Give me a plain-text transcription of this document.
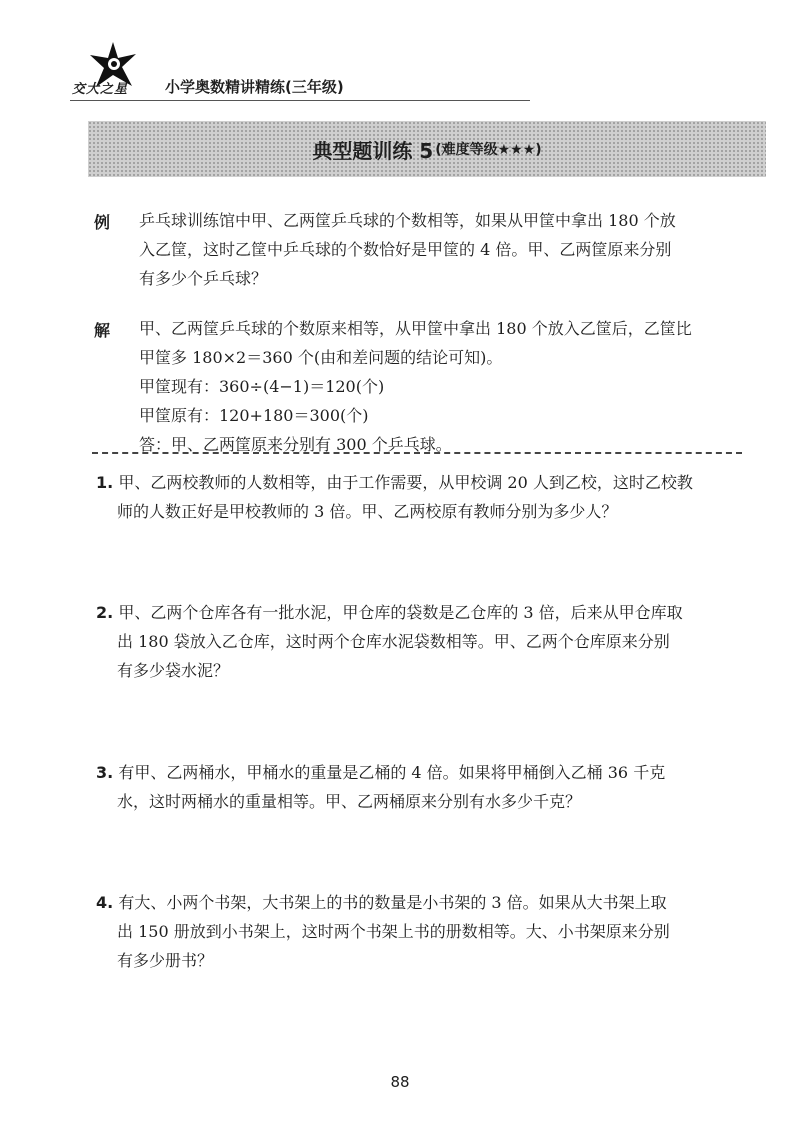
交大之星 小学奥数精讲精练(三年级)
典型题训练 5 (难度等级★★★)
例 乒乓球训练馆中甲、乙两筐乒乓球的个数相等，如果从甲筐中拿出 180 个放
入乙筐，这时乙筐中乒乓球的个数恰好是甲筐的 4 倍。甲、乙两筐原来分别
有多少个乒乓球？
解 甲、乙两筐乒乓球的个数原来相等，从甲筐中拿出 180 个放入乙筐后，乙筐比
甲筐多 180×2＝360 个(由和差问题的结论可知)。
甲筐现有：360÷(4−1)＝120(个)
甲筐原有：120+180＝300(个)
答：甲、乙两筐原来分别有 300 个乒乓球。
1. 甲、乙两校教师的人数相等，由于工作需要，从甲校调 20 人到乙校，这时乙校教
师的人数正好是甲校教师的 3 倍。甲、乙两校原有教师分别为多少人？
2. 甲、乙两个仓库各有一批水泥，甲仓库的袋数是乙仓库的 3 倍，后来从甲仓库取
出 180 袋放入乙仓库，这时两个仓库水泥袋数相等。甲、乙两个仓库原来分别
有多少袋水泥？
3. 有甲、乙两桶水，甲桶水的重量是乙桶的 4 倍。如果将甲桶倒入乙桶 36 千克
水，这时两桶水的重量相等。甲、乙两桶原来分别有水多少千克？
4. 有大、小两个书架，大书架上的书的数量是小书架的 3 倍。如果从大书架上取
出 150 册放到小书架上，这时两个书架上书的册数相等。大、小书架原来分别
有多少册书？
88
